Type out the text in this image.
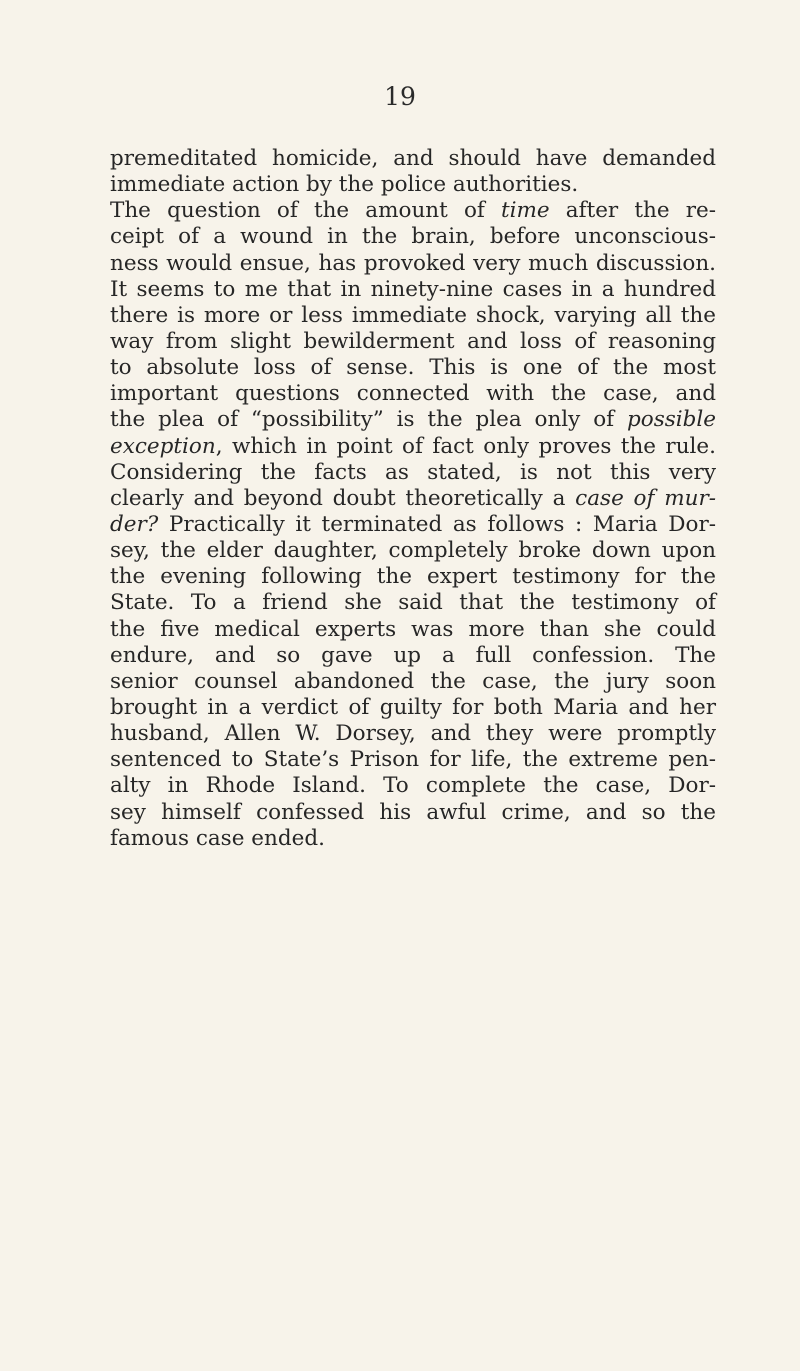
19
premeditated homicide, and should have demanded
immediate action by the police authorities.
The question of the amount of time after the re-
ceipt of a wound in the brain, before unconscious-
ness would ensue, has provoked very much discussion.
It seems to me that in ninety-nine cases in a hundred
there is more or less immediate shock, varying all the
way from slight bewilderment and loss of reasoning
to absolute loss of sense. This is one of the most
important questions connected with the case, and
the plea of “possibility” is the plea only of possible
exception, which in point of fact only proves the rule.
Considering the facts as stated, is not this very
clearly and beyond doubt theoretically a case of mur-
der? Practically it terminated as follows : Maria Dor-
sey, the elder daughter, completely broke down upon
the evening following the expert testimony for the
State. To a friend she said that the testimony of
the five medical experts was more than she could
endure, and so gave up a full confession. The
senior counsel abandoned the case, the jury soon
brought in a verdict of guilty for both Maria and her
husband, Allen W. Dorsey, and they were promptly
sentenced to State’s Prison for life, the extreme pen-
alty in Rhode Island. To complete the case, Dor-
sey himself confessed his awful crime, and so the
famous case ended.
